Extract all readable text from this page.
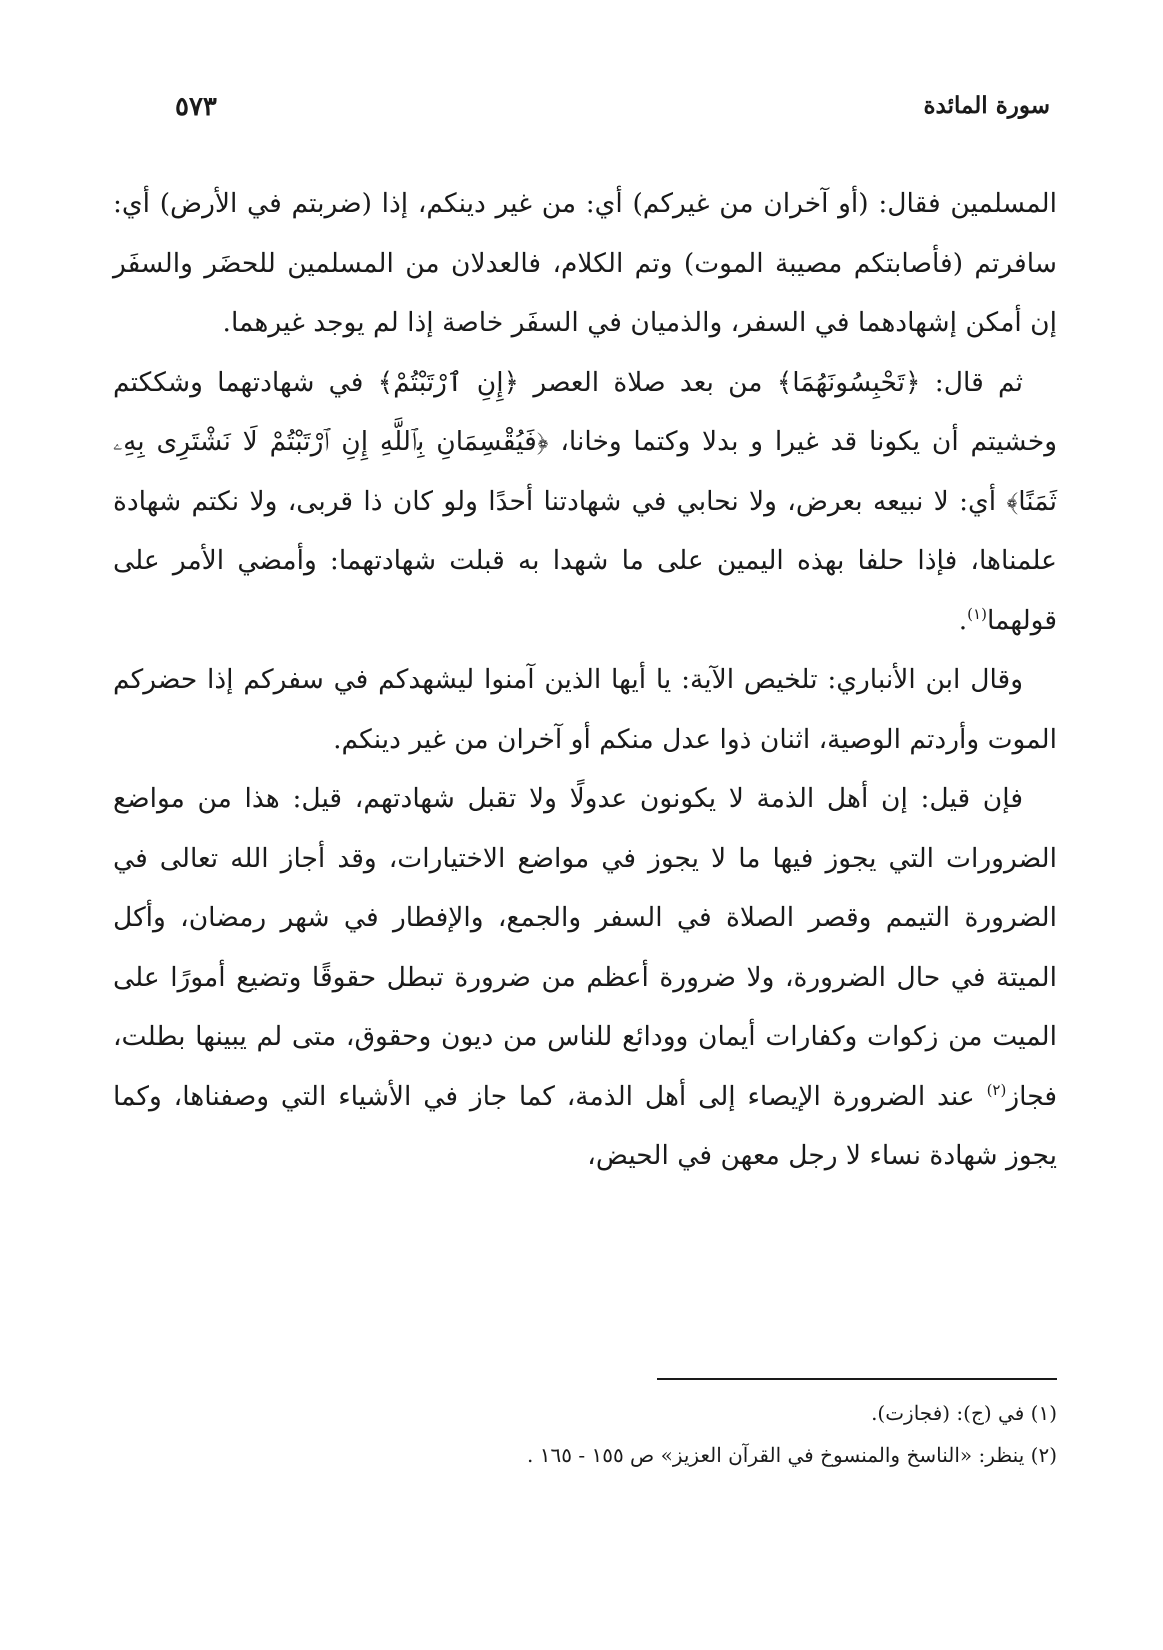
سورة المائدة
٥٧٣

المسلمين فقال: (أو آخران من غيركم) أي: من غير دينكم، إذا (ضربتم في الأرض) أي: سافرتم (فأصابتكم مصيبة الموت) وتم الكلام، فالعدلان من المسلمين للحضَر والسفَر إن أمكن إشهادهما في السفر، والذميان في السفَر خاصة إذا لم يوجد غيرهما.

ثم قال: ﴿تَحْبِسُونَهُمَا﴾ من بعد صلاة العصر ﴿إِنِ ٱرْتَبْتُمْ﴾ في شهادتهما وشككتم وخشيتم أن يكونا قد غيرا و بدلا وكتما وخانا، ﴿فَيُقْسِمَانِ بِٱللَّهِ إِنِ ٱرْتَبْتُمْ لَا نَشْتَرِى بِهِۦ ثَمَنًا﴾ أي: لا نبيعه بعرض، ولا نحابي في شهادتنا أحدًا ولو كان ذا قربى، ولا نكتم شهادة علمناها، فإذا حلفا بهذه اليمين على ما شهدا به قبلت شهادتهما: وأمضي الأمر على قولهما$^{(١)}$.

وقال ابن الأنباري: تلخيص الآية: يا أيها الذين آمنوا ليشهدكم في سفركم إذا حضركم الموت وأردتم الوصية، اثنان ذوا عدل منكم أو آخران من غير دينكم.

فإن قيل: إن أهل الذمة لا يكونون عدولًا ولا تقبل شهادتهم، قيل: هذا من مواضع الضرورات التي يجوز فيها ما لا يجوز في مواضع الاختيارات، وقد أجاز الله تعالى في الضرورة التيمم وقصر الصلاة في السفر والجمع، والإفطار في شهر رمضان، وأكل الميتة في حال الضرورة، ولا ضرورة أعظم من ضرورة تبطل حقوقًا وتضيع أمورًا على الميت من زكوات وكفارات أيمان وودائع للناس من ديون وحقوق، متى لم يبينها بطلت، فجاز$^{(٢)}$ عند الضرورة الإيصاء إلى أهل الذمة، كما جاز في الأشياء التي وصفناها، وكما يجوز شهادة نساء لا رجل معهن في الحيض،

(١) في (ج): (فجازت).

(٢) ينظر: «الناسخ والمنسوخ في القرآن العزيز» ص ١٥٥ - ١٦٥ .
